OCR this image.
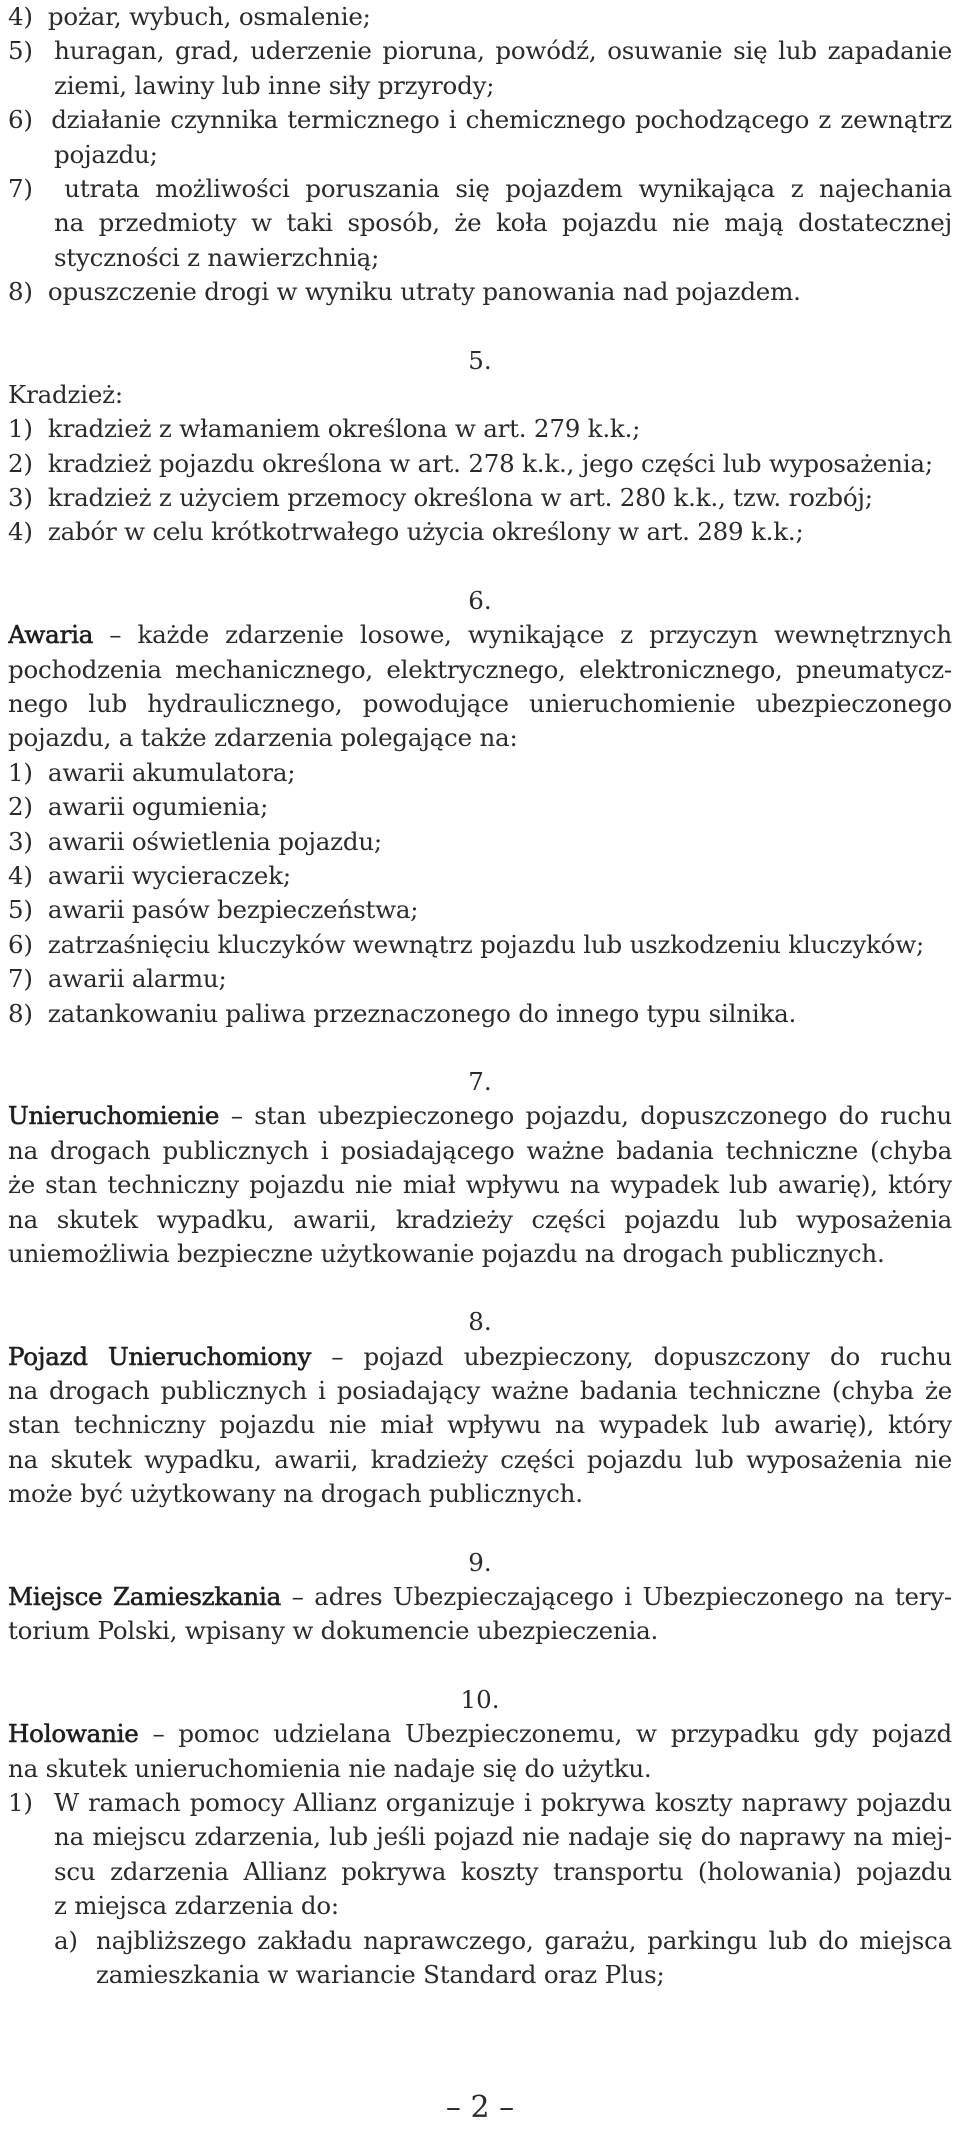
4)  pożar, wybuch, osmalenie;
5)  huragan, grad, uderzenie pioruna, powódź, osuwanie się lub zapadanie
ziemi, lawiny lub inne siły przyrody;
6)  działanie czynnika termicznego i chemicznego pochodzącego z zewnątrz
pojazdu;
7)  utrata możliwości poruszania się pojazdem wynikająca z najechania
na przedmioty w taki sposób, że koła pojazdu nie mają dostatecznej
styczności z nawierzchnią;
8)  opuszczenie drogi w wyniku utraty panowania nad pojazdem.
5.
Kradzież:
1)  kradzież z włamaniem określona w art. 279 k.k.;
2)  kradzież pojazdu określona w art. 278 k.k., jego części lub wyposażenia;
3)  kradzież z użyciem przemocy określona w art. 280 k.k., tzw. rozbój;
4)  zabór w celu krótkotrwałego użycia określony w art. 289 k.k.;
6.
Awaria – każde zdarzenie losowe, wynikające z przyczyn wewnętrznych
pochodzenia mechanicznego, elektrycznego, elektronicznego, pneumatycz-
nego lub hydraulicznego, powodujące unieruchomienie ubezpieczonego
pojazdu, a także zdarzenia polegające na:
1)  awarii akumulatora;
2)  awarii ogumienia;
3)  awarii oświetlenia pojazdu;
4)  awarii wycieraczek;
5)  awarii pasów bezpieczeństwa;
6)  zatrzaśnięciu kluczyków wewnątrz pojazdu lub uszkodzeniu kluczyków;
7)  awarii alarmu;
8)  zatankowaniu paliwa przeznaczonego do innego typu silnika.
7.
Unieruchomienie – stan ubezpieczonego pojazdu, dopuszczonego do ruchu
na drogach publicznych i posiadającego ważne badania techniczne (chyba
że stan techniczny pojazdu nie miał wpływu na wypadek lub awarię), który
na skutek wypadku, awarii, kradzieży części pojazdu lub wyposażenia
uniemożliwia bezpieczne użytkowanie pojazdu na drogach publicznych.
8.
Pojazd Unieruchomiony – pojazd ubezpieczony, dopuszczony do ruchu
na drogach publicznych i posiadający ważne badania techniczne (chyba że
stan techniczny pojazdu nie miał wpływu na wypadek lub awarię), który
na skutek wypadku, awarii, kradzieży części pojazdu lub wyposażenia nie
może być użytkowany na drogach publicznych.
9.
Miejsce Zamieszkania – adres Ubezpieczającego i Ubezpieczonego na tery-
torium Polski, wpisany w dokumencie ubezpieczenia.
10.
Holowanie – pomoc udzielana Ubezpieczonemu, w przypadku gdy pojazd
na skutek unieruchomienia nie nadaje się do użytku.
1) W ramach pomocy Allianz organizuje i pokrywa koszty naprawy pojazdu
na miejscu zdarzenia, lub jeśli pojazd nie nadaje się do naprawy na miej-
scu zdarzenia Allianz pokrywa koszty transportu (holowania) pojazdu
z miejsca zdarzenia do:
a) najbliższego zakładu naprawczego, garażu, parkingu lub do miejsca
zamieszkania w wariancie Standard oraz Plus;
– 2 –
